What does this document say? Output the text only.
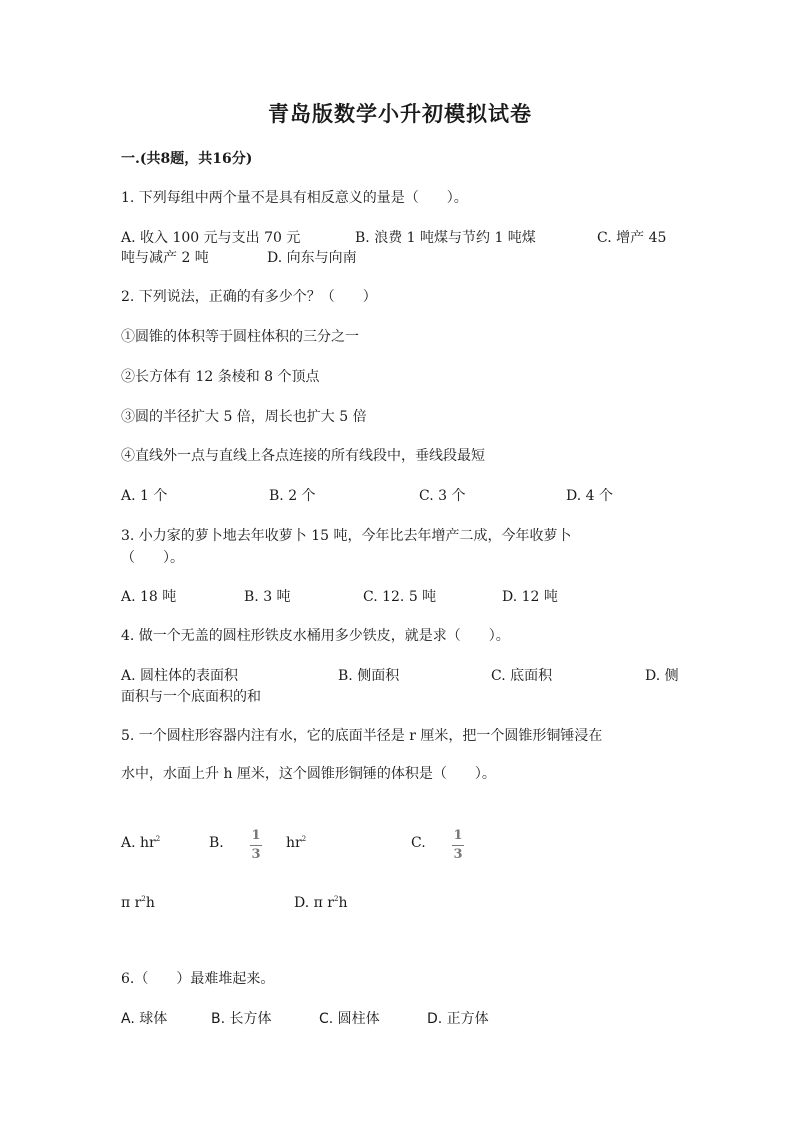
青岛版数学小升初模拟试卷
一.(共8题，共16分)
1. 下列每组中两个量不是具有相反意义的量是（　　）。
A. 收入 100 元与支出 70 元	B. 浪费 1 吨煤与节约 1 吨煤	C. 增产 45
吨与减产 2 吨	D. 向东与向南
2. 下列说法，正确的有多少个？（　　）
①圆锥的体积等于圆柱体积的三分之一
②长方体有 12 条棱和 8 个顶点
③圆的半径扩大 5 倍，周长也扩大 5 倍
④直线外一点与直线上各点连接的所有线段中，垂线段最短
A. 1 个	B. 2 个	C. 3 个	D. 4 个
3. 小力家的萝卜地去年收萝卜 15 吨，今年比去年增产二成，今年收萝卜
（　　）。
A. 18 吨	B. 3 吨	C. 12. 5 吨	D. 12 吨
4. 做一个无盖的圆柱形铁皮水桶用多少铁皮，就是求（　　）。
A. 圆柱体的表面积	B. 侧面积	C. 底面积	D. 侧
面积与一个底面积的和
5. 一个圆柱形容器内注有水，它的底面半径是 r 厘米，把一个圆锥形铜锤浸在
水中，水面上升 h 厘米，这个圆锥形铜锤的体积是（　　）。
A. $hr^2$	B. 1
3
$hr^2$	C. 1
3
π $r^2h$	D. π $r^2h$
6.（　　）最难堆起来。
A. 球体	B. 长方体	C. 圆柱体	D. 正方体
